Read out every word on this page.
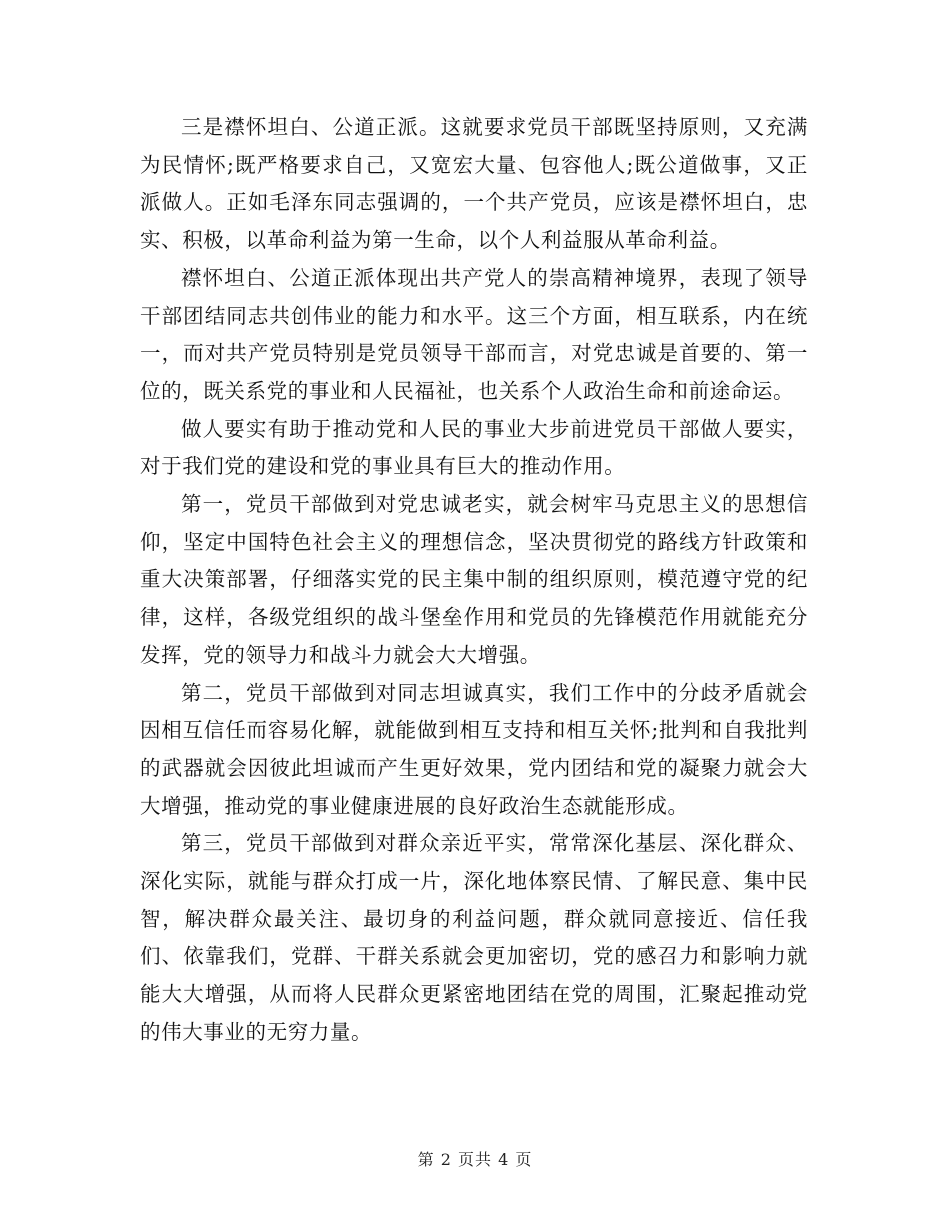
三是襟怀坦白、公道正派。这就要求党员干部既坚持原则，又充满为民情怀;既严格要求自己，又宽宏大量、包容他人;既公道做事，又正派做人。正如毛泽东同志强调的，一个共产党员，应该是襟怀坦白，忠实、积极，以革命利益为第一生命，以个人利益服从革命利益。

襟怀坦白、公道正派体现出共产党人的崇高精神境界，表现了领导干部团结同志共创伟业的能力和水平。这三个方面，相互联系，内在统一，而对共产党员特别是党员领导干部而言，对党忠诚是首要的、第一位的，既关系党的事业和人民福祉，也关系个人政治生命和前途命运。

做人要实有助于推动党和人民的事业大步前进党员干部做人要实，对于我们党的建设和党的事业具有巨大的推动作用。

第一，党员干部做到对党忠诚老实，就会树牢马克思主义的思想信仰，坚定中国特色社会主义的理想信念，坚决贯彻党的路线方针政策和重大决策部署，仔细落实党的民主集中制的组织原则，模范遵守党的纪律，这样，各级党组织的战斗堡垒作用和党员的先锋模范作用就能充分发挥，党的领导力和战斗力就会大大增强。

第二，党员干部做到对同志坦诚真实，我们工作中的分歧矛盾就会因相互信任而容易化解，就能做到相互支持和相互关怀;批判和自我批判的武器就会因彼此坦诚而产生更好效果，党内团结和党的凝聚力就会大大增强，推动党的事业健康进展的良好政治生态就能形成。

第三，党员干部做到对群众亲近平实，常常深化基层、深化群众、深化实际，就能与群众打成一片，深化地体察民情、了解民意、集中民智，解决群众最关注、最切身的利益问题，群众就同意接近、信任我们、依靠我们，党群、干群关系就会更加密切，党的感召力和影响力就能大大增强，从而将人民群众更紧密地团结在党的周围，汇聚起推动党的伟大事业的无穷力量。

第 2 页共 4 页
